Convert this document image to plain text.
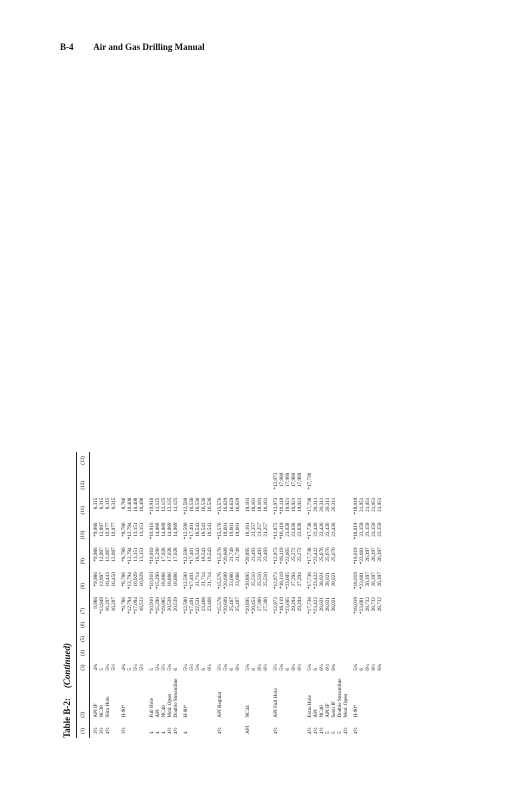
B-4 Air and Gas Drilling Manual
Table B-2:(Continued)
(1)	(2)	(3)	(4)	(5)	(6)	(7)	(8)	(9)	(10)	(11)	(12)	(13)

3½	API IF	4¾				9,986	*9,986	*9,986	*9,986	8,315		
3½	NC38	5				*13,949	12,997	12,997	12,997	8,315		
4½	Slim Hole	5¼				16,207	16,443	12,087	10,977	8,315		
		5½				16,207	16,450	12,087	10,977	8,315		

3½	H-90⁴	4¾				*8,786	*8,786	*8,786	*8,786	8,786		
		5				*12,794	*12,794	*12,794	*12,794	10,408		
		5¼				*17,094	16,929	13,151	13,151	10,408		
		5½				18,522	16,929	13,151	13,151	10,408		

4	Full Hole	5				*10,910	*10,910	*10,910	*10,910	*10,910		
4	API	5¼				*15,290	*15,290	*15,290	14,969	12,125		
4	NC40	5½				*19,985	18,886	17,028	14,969	12,125		
4½	Mod. Open	5¾				20,539	18,886	17,028	14,969	12,125		
4½	Double Streamline	6				20,539	18,886	17,028	14,969	12,125		

4	H-90⁴	5¼				*12,590	*12,590	*12,590	*12,590	*12,590		
		5½				*17,401	*17,401	*17,401	*17,401	16,536		
		5¾				*22,531	21,714	18,543	18,543	16,536		
		6				23,468	21,714	18,543	18,543	16,536		
		6¼				23,468	21,714	18,543	18,543	16,536		

4½	API Regular	5½				*15,576	*15,576	*15,576	*15,576	*15,576		
		5¾				*20,609	*20,609	*20,609	19,601	16,629		
		6				25,407	23,686	21,749	19,601	16,629		
		6¼				25,407	23,686	21,749	19,601	16,629		

API	NC44	5¾				*20,895	*20,895	*20,895	18,161	18,161		
		6				*26,453	25,510	23,493	21,257	18,161		
		6¼				27,300	25,510	23,493	21,257	18,161		
		6½				27,300	25,510	23,493	21,257	18,161		

4½	API Full Hole	5½				*12,973	*12,973	*12,973	*12,973	*12,973	*12,973	
		5¾				*18,119	*18,119	*18,119	*18,119	*18,119	17,900	
		6				*23,605	*23,605	*23,605	23,028	19,921	17,900	
		6¼				29,294	27,294	25,272	23,028	19,921	17,900	
		6½				29,294	27,294	25,272	23,028	19,921	17,900	

4½	Extra Hole	5¾				*17,738	*17,738	*17,738	*17,738	*17,738	*17,738	
4½	API	6				*23,422	*23,422	*23,422	22,426	20,311		
4½	NC46	6¼				28,021	28,021	25,676	22,426	20,311		
5	API IF	6½				28,021	28,021	25,676	22,426	20,311		
5	Semi IF	6¾				28,021	28,021	25,676	22,426	20,311		
5	Double Streamline											
4½	Mod. Open											

4½	H-90⁴	5¾				*18,019	*18,019	*18,019	*18,019	*18,019		
		6				*23,681	*23,681	*23,681	23,159	21,051		
		6¼				28,732	26,397	26,397	23,159	21,051		
		6½				28,732	26,397	26,397	23,159	21,051		
		6¾				28,732	26,397	26,397	23,159	21,051		
